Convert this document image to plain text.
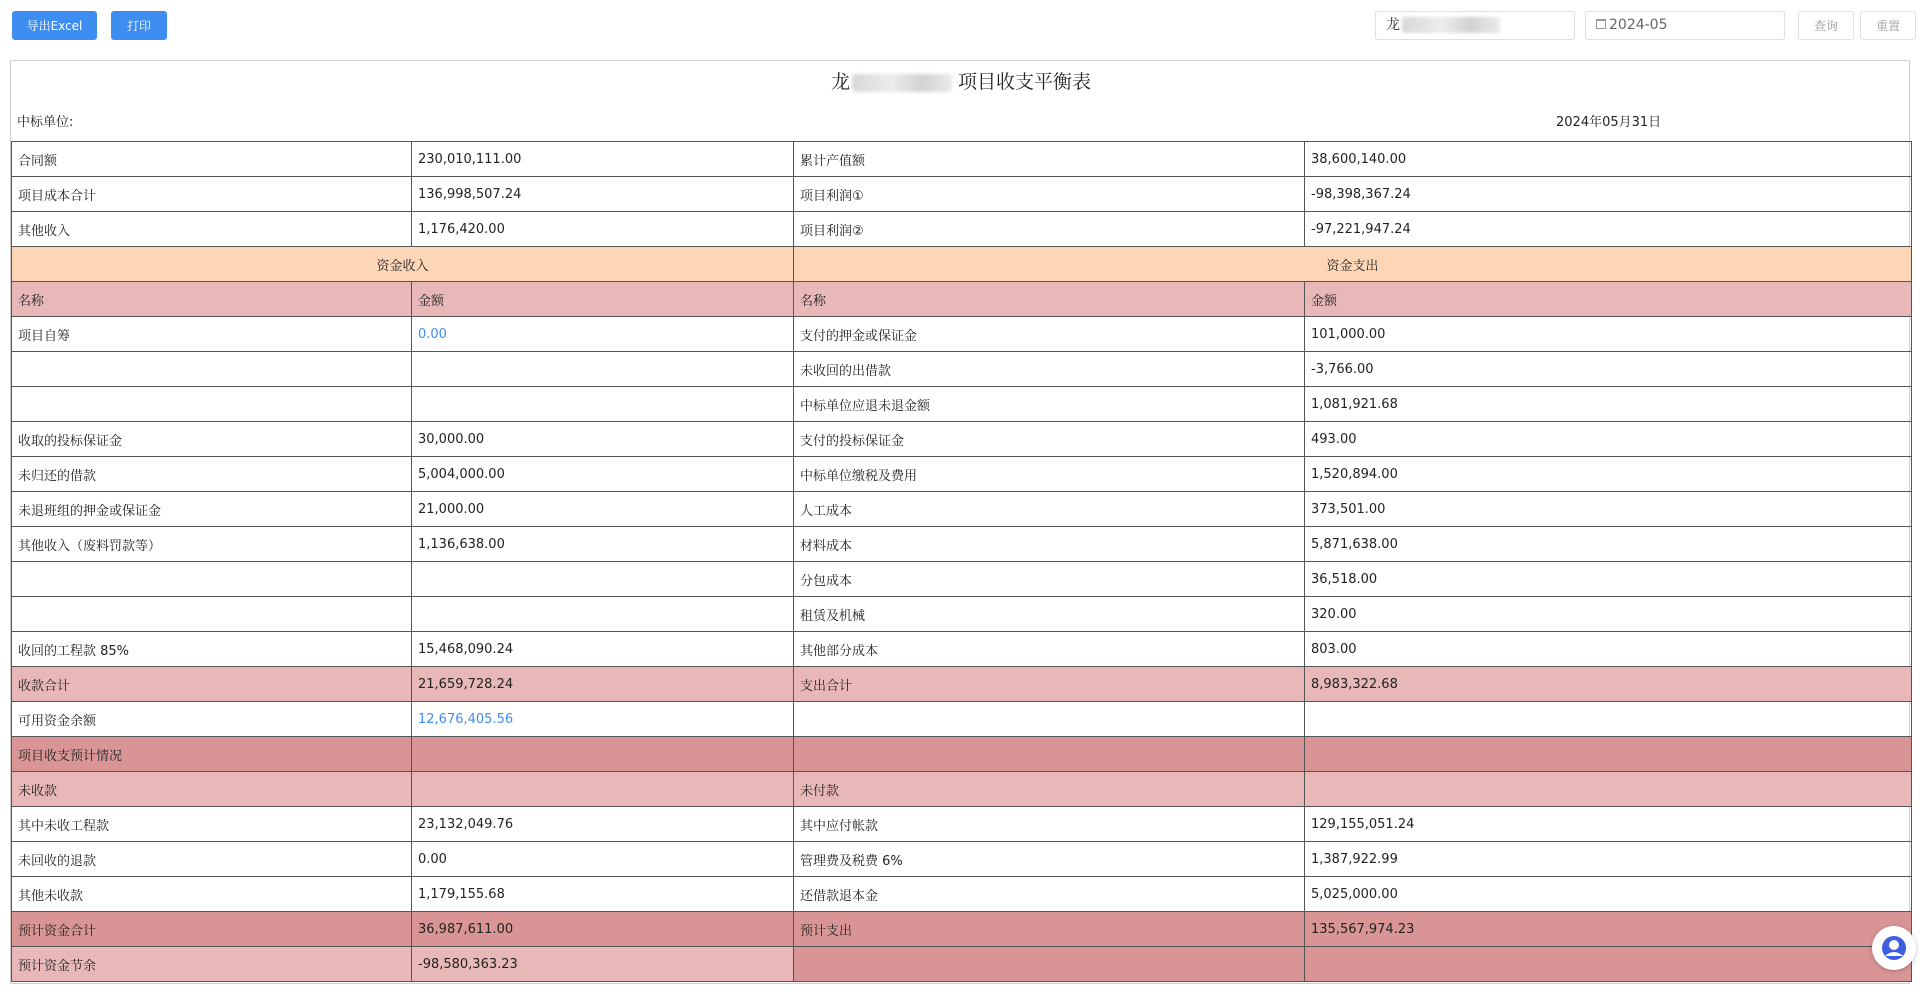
导出Excel	打印	龙	2024-05	查询	重置
龙	项目收支平衡表
中标单位:	2024年05月31日
合同额	230,010,111.00	累计产值额	38,600,140.00
项目成本合计	136,998,507.24	项目利润①	-98,398,367.24
其他收入	1,176,420.00	项目利润②	-97,221,947.24
资金收入		资金支出	
名称	金额	名称	金额
项目自筹	0.00	支付的押金或保证金	101,000.00
		未收回的出借款	-3,766.00
		中标单位应退未退金额	1,081,921.68
收取的投标保证金	30,000.00	支付的投标保证金	493.00
未归还的借款	5,004,000.00	中标单位缴税及费用	1,520,894.00
未退班组的押金或保证金	21,000.00	人工成本	373,501.00
其他收入（废料罚款等）	1,136,638.00	材料成本	5,871,638.00
		分包成本	36,518.00
		租赁及机械	320.00
收回的工程款 85%	15,468,090.24	其他部分成本	803.00
收款合计	21,659,728.24	支出合计	8,983,322.68
可用资金余额	12,676,405.56		
项目收支预计情况			
未收款		未付款	
其中未收工程款	23,132,049.76	其中应付帐款	129,155,051.24
未回收的退款	0.00	管理费及税费 6%	1,387,922.99
其他未收款	1,179,155.68	还借款退本金	5,025,000.00
预计资金合计	36,987,611.00	预计支出	135,567,974.23
预计资金节余	-98,580,363.23		
